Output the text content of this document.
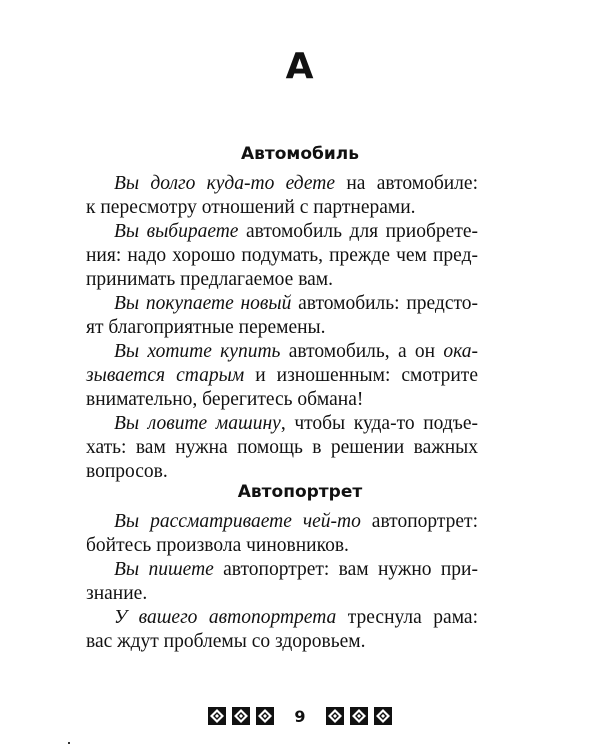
А
Автомобиль
Вы долго куда-то едете на автомобиле:
к пересмотру отношений с партнерами.
Вы выбираете автомобиль для приобрете-
ния: надо хорошо подумать, прежде чем пред-
принимать предлагаемое вам.
Вы покупаете новый автомобиль: предсто-
ят благоприятные перемены.
Вы хотите купить автомобиль, а он ока-
зывается старым и изношенным: смотрите
внимательно, берегитесь обмана!
Вы ловите машину, чтобы куда-то подъе-
хать: вам нужна помощь в решении важных
вопросов.
Автопортрет
Вы рассматриваете чей-то автопортрет:
бойтесь произвола чиновников.
Вы пишете автопортрет: вам нужно при-
знание.
У вашего автопортрета треснула рама:
вас ждут проблемы со здоровьем.
9
